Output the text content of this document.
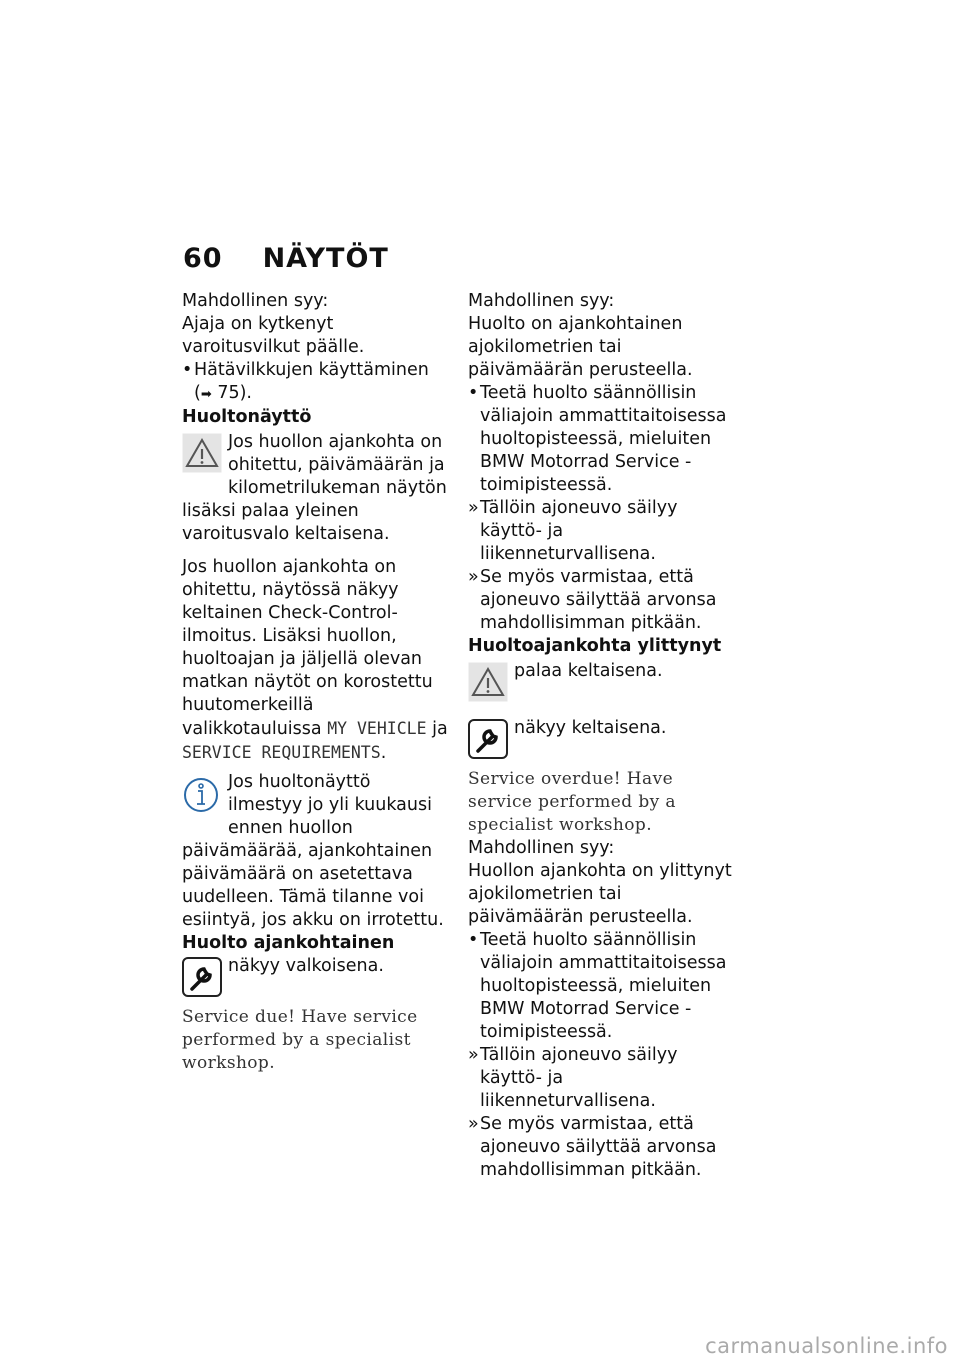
60 NÄYTÖT

Mahdollinen syy:

Ajaja on kytkenyt varoitusvilkut päälle.

• Hätävilkkujen käyttäminen
(➡ 75).

Huoltonäyttö

Jos huollon ajankohta on ohitettu, päivämäärän ja kilometrilukeman näytön lisäksi palaa yleinen varoitusvalo keltaisena.

Jos huollon ajankohta on ohitettu, näytössä näkyy keltainen Check-Control-ilmoitus. Lisäksi huollon, huoltoajan ja jäljellä olevan matkan näytöt on korostettu huutomerkeillä valikkotauluissa MY VEHICLE ja SERVICE REQUIREMENTS.

Jos huoltonäyttö ilmestyy jo yli kuukausi ennen huollon päivämäärää, ajankohtainen päivämäärä on asetettava uudelleen. Tämä tilanne voi esiintyä, jos akku on irrotettu.

Huolto ajankohtainen

näkyy valkoisena.

Service due! Have service performed by a specialist workshop.

Mahdollinen syy:

Huolto on ajankohtainen ajokilometrien tai päivämäärän perusteella.

• Teetä huolto säännöllisin väliajoin ammattitaitoisessa huoltopisteessä, mieluiten BMW Motorrad Service -toimipisteessä.

» Tällöin ajoneuvo säilyy käyttö- ja liikenneturvallisena.

» Se myös varmistaa, että ajoneuvo säilyttää arvonsa mahdollisimman pitkään.

Huoltoajankohta ylittynyt

palaa keltaisena.
näkyy keltaisena.

Service overdue! Have service performed by a specialist workshop.

Mahdollinen syy:

Huollon ajankohta on ylittynyt ajokilometrien tai päivämäärän perusteella.

• Teetä huolto säännöllisin väliajoin ammattitaitoisessa huoltopisteessä, mieluiten BMW Motorrad Service -toimipisteessä.

» Tällöin ajoneuvo säilyy käyttö- ja liikenneturvallisena.

» Se myös varmistaa, että ajoneuvo säilyttää arvonsa mahdollisimman pitkään.

carmanualsonline.info
